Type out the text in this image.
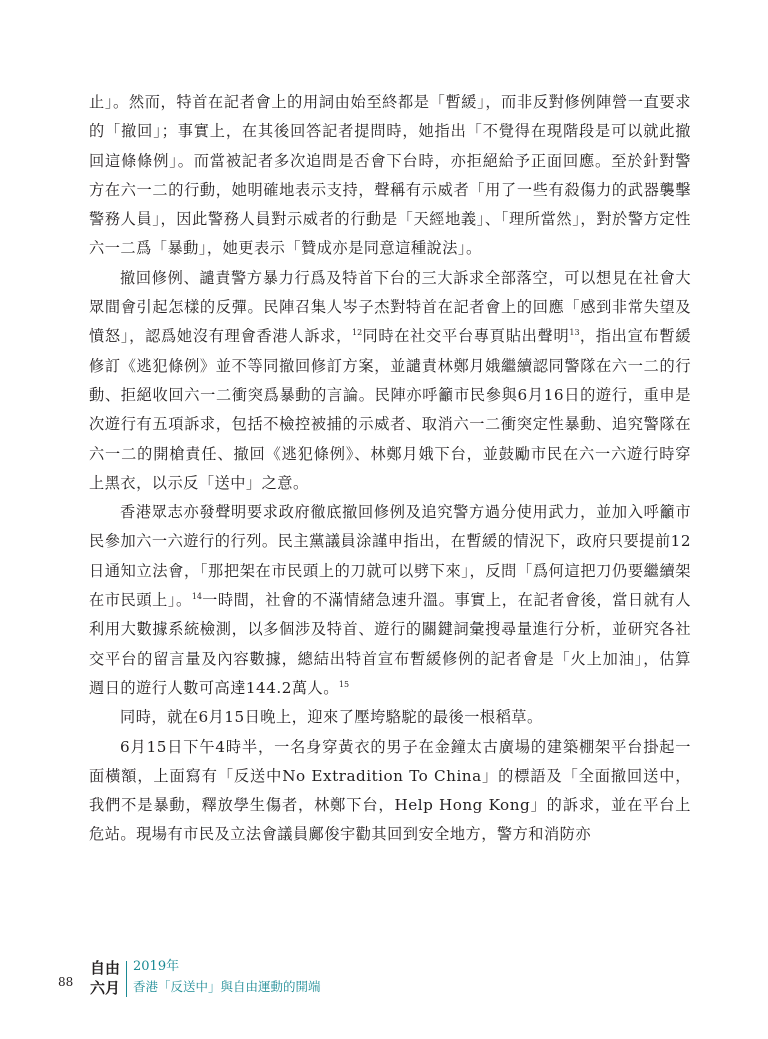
止」。然而，特首在記者會上的用詞由始至終都是「暫緩」，而非反對修例陣營一直要求的「撤回」；事實上，在其後回答記者提問時，她指出「不覺得在現階段是可以就此撤回這條條例」。而當被記者多次追問是否會下台時，亦拒絕給予正面回應。至於針對警方在六一二的行動，她明確地表示支持，聲稱有示威者「用了一些有殺傷力的武器襲擊警務人員」，因此警務人員對示威者的行動是「天經地義」、「理所當然」，對於警方定性六一二爲「暴動」，她更表示「贊成亦是同意這種說法」。

撤回修例、譴責警方暴力行爲及特首下台的三大訴求全部落空，可以想見在社會大眾間會引起怎樣的反彈。民陣召集人岑子杰對特首在記者會上的回應「感到非常失望及憤怒」，認爲她沒有理會香港人訴求，$^{12}$同時在社交平台專頁貼出聲明$^{13}$，指出宣布暫緩修訂《逃犯條例》並不等同撤回修訂方案，並譴責林鄭月娥繼續認同警隊在六一二的行動、拒絕收回六一二衝突爲暴動的言論。民陣亦呼籲市民參與6月16日的遊行，重申是次遊行有五項訴求，包括不檢控被捕的示威者、取消六一二衝突定性暴動、追究警隊在六一二的開槍責任、撤回《逃犯條例》、林鄭月娥下台，並鼓勵市民在六一六遊行時穿上黑衣，以示反「送中」之意。

香港眾志亦發聲明要求政府徹底撤回修例及追究警方過分使用武力，並加入呼籲市民參加六一六遊行的行列。民主黨議員涂謹申指出，在暫緩的情況下，政府只要提前12日通知立法會，「那把架在市民頭上的刀就可以劈下來」，反問「爲何這把刀仍要繼續架在市民頭上」。$^{14}$一時間，社會的不滿情緒急速升溫。事實上，在記者會後，當日就有人利用大數據系統檢測，以多個涉及特首、遊行的關鍵詞彙搜尋量進行分析，並研究各社交平台的留言量及內容數據，總結出特首宣布暫緩修例的記者會是「火上加油」，估算週日的遊行人數可高達144.2萬人。$^{15}$

同時，就在6月15日晚上，迎來了壓垮駱駝的最後一根稻草。

6月15日下午4時半，一名身穿黃衣的男子在金鐘太古廣場的建築棚架平台掛起一面橫額，上面寫有「反送中No Extradition To China」的標語及「全面撤回送中，我們不是暴動，釋放學生傷者，林鄭下台，Help Hong Kong」的訴求，並在平台上危站。現場有市民及立法會議員鄺俊宇勸其回到安全地方，警方和消防亦

88
自由
六月
2019年
香港「反送中」與自由運動的開端
